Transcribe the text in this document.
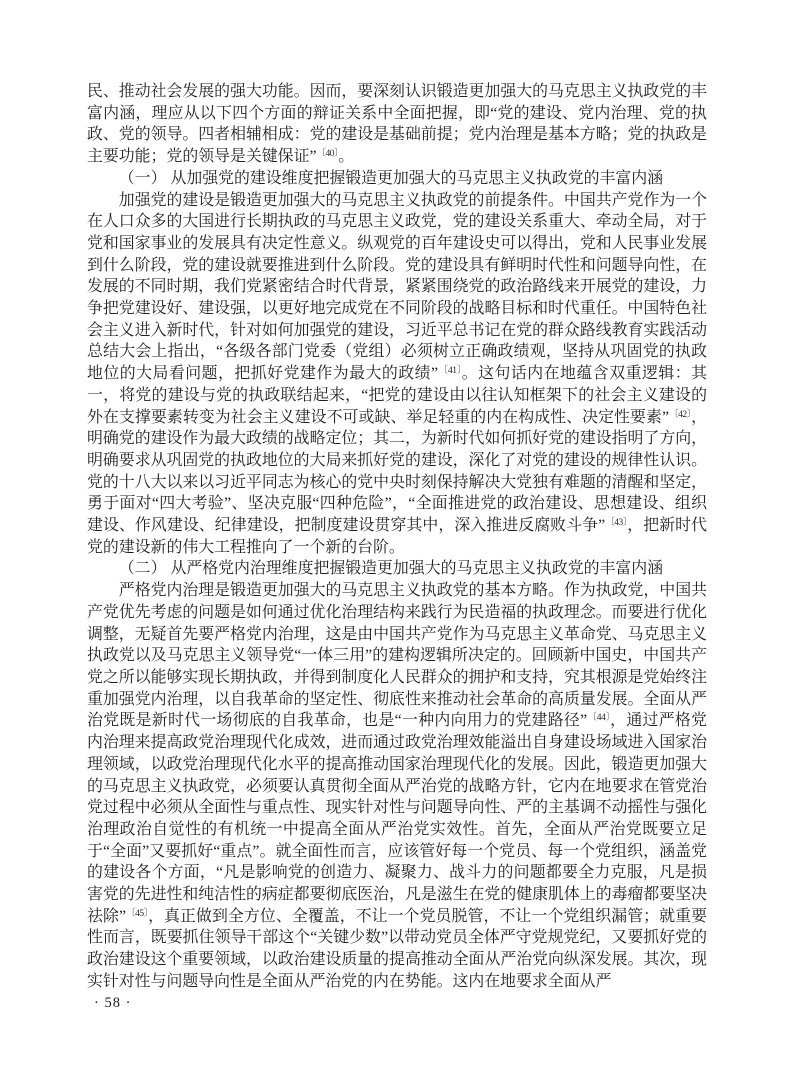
民、推动社会发展的强大功能。因而，要深刻认识锻造更加强大的马克思主义执政党的丰富内涵，理应从以下四个方面的辩证关系中全面把握，即“党的建设、党内治理、党的执政、党的领导。四者相辅相成：党的建设是基础前提；党内治理是基本方略；党的执政是主要功能；党的领导是关键保证”$^{〔40〕}$。

（一） 从加强党的建设维度把握锻造更加强大的马克思主义执政党的丰富内涵

加强党的建设是锻造更加强大的马克思主义执政党的前提条件。中国共产党作为一个在人口众多的大国进行长期执政的马克思主义政党，党的建设关系重大、牵动全局，对于党和国家事业的发展具有决定性意义。纵观党的百年建设史可以得出，党和人民事业发展到什么阶段，党的建设就要推进到什么阶段。党的建设具有鲜明时代性和问题导向性，在发展的不同时期，我们党紧密结合时代背景，紧紧围绕党的政治路线来开展党的建设，力争把党建设好、建设强，以更好地完成党在不同阶段的战略目标和时代重任。中国特色社会主义进入新时代，针对如何加强党的建设，习近平总书记在党的群众路线教育实践活动总结大会上指出，“各级各部门党委（党组）必须树立正确政绩观，坚持从巩固党的执政地位的大局看问题，把抓好党建作为最大的政绩”$^{〔41〕}$。这句话内在地蕴含双重逻辑：其一，将党的建设与党的执政联结起来，“把党的建设由以往认知框架下的社会主义建设的外在支撑要素转变为社会主义建设不可或缺、举足轻重的内在构成性、决定性要素”$^{〔42〕}$，明确党的建设作为最大政绩的战略定位；其二，为新时代如何抓好党的建设指明了方向，明确要求从巩固党的执政地位的大局来抓好党的建设，深化了对党的建设的规律性认识。党的十八大以来以习近平同志为核心的党中央时刻保持解决大党独有难题的清醒和坚定，勇于面对“四大考验”、坚决克服“四种危险”，“全面推进党的政治建设、思想建设、组织建设、作风建设、纪律建设，把制度建设贯穿其中，深入推进反腐败斗争”$^{〔43〕}$，把新时代党的建设新的伟大工程推向了一个新的台阶。

（二） 从严格党内治理维度把握锻造更加强大的马克思主义执政党的丰富内涵

严格党内治理是锻造更加强大的马克思主义执政党的基本方略。作为执政党，中国共产党优先考虑的问题是如何通过优化治理结构来践行为民造福的执政理念。而要进行优化调整，无疑首先要严格党内治理，这是由中国共产党作为马克思主义革命党、马克思主义执政党以及马克思主义领导党“一体三用”的建构逻辑所决定的。回顾新中国史，中国共产党之所以能够实现长期执政，并得到制度化人民群众的拥护和支持，究其根源是党始终注重加强党内治理，以自我革命的坚定性、彻底性来推动社会革命的高质量发展。全面从严治党既是新时代一场彻底的自我革命，也是“一种内向用力的党建路径”$^{〔44〕}$，通过严格党内治理来提高政党治理现代化成效，进而通过政党治理效能溢出自身建设场域进入国家治理领域，以政党治理现代化水平的提高推动国家治理现代化的发展。因此，锻造更加强大的马克思主义执政党，必须要认真贯彻全面从严治党的战略方针，它内在地要求在管党治党过程中必须从全面性与重点性、现实针对性与问题导向性、严的主基调不动摇性与强化治理政治自觉性的有机统一中提高全面从严治党实效性。首先，全面从严治党既要立足于“全面”又要抓好“重点”。就全面性而言，应该管好每一个党员、每一个党组织，涵盖党的建设各个方面，“凡是影响党的创造力、凝聚力、战斗力的问题都要全力克服，凡是损害党的先进性和纯洁性的病症都要彻底医治，凡是滋生在党的健康肌体上的毒瘤都要坚决祛除”$^{〔45〕}$，真正做到全方位、全覆盖，不让一个党员脱管，不让一个党组织漏管；就重要性而言，既要抓住领导干部这个“关键少数”以带动党员全体严守党规党纪，又要抓好党的政治建设这个重要领域，以政治建设质量的提高推动全面从严治党向纵深发展。其次，现实针对性与问题导向性是全面从严治党的内在势能。这内在地要求全面从严

· 58 ·
